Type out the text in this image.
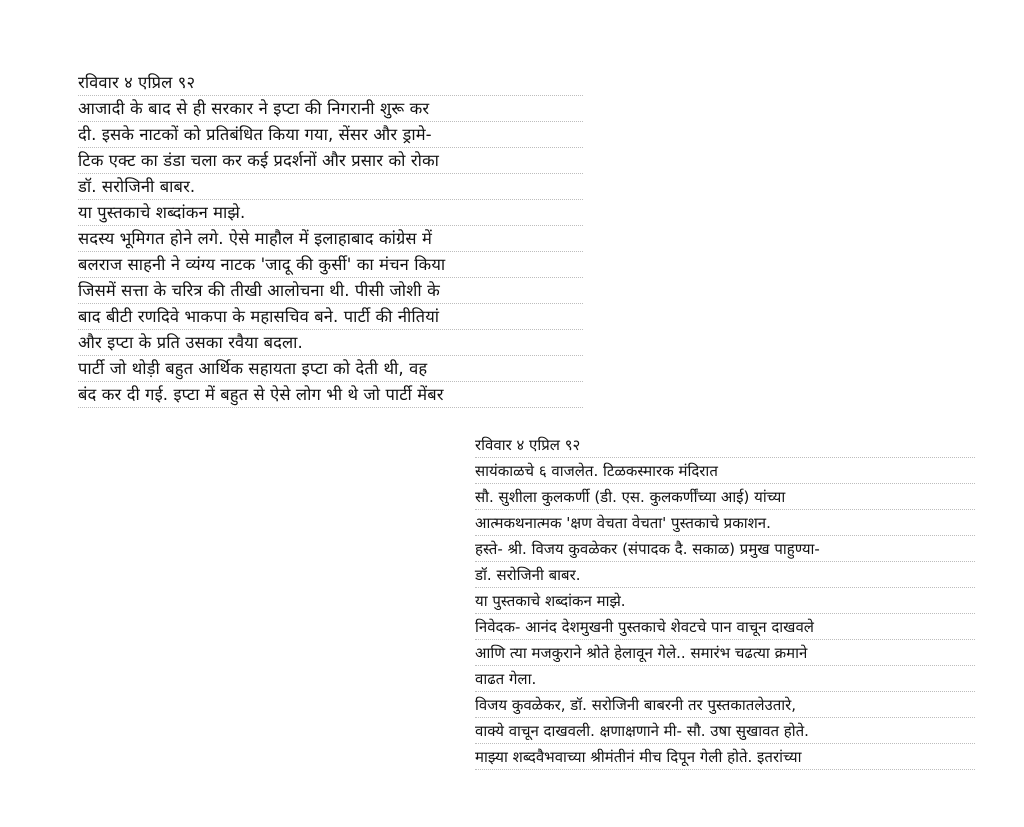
रविवार ४ एप्रिल ९२
आजादी के बाद से ही सरकार ने इप्टा की निगरानी शुरू कर
दी. इसके नाटकों को प्रतिबंधित किया गया, सेंसर और ड्रामे-
टिक एक्ट का डंडा चला कर कई प्रदर्शनों और प्रसार को रोका
डॉ. सरोजिनी बाबर.
या पुस्तकाचे शब्दांकन माझे.
सदस्य भूमिगत होने लगे. ऐसे माहौल में इलाहाबाद कांग्रेस में
बलराज साहनी ने व्यंग्य नाटक 'जादू की कुर्सी' का मंचन किया
जिसमें सत्ता के चरित्र की तीखी आलोचना थी. पीसी जोशी के
बाद बीटी रणदिवे भाकपा के महासचिव बने. पार्टी की नीतियां
और इप्टा के प्रति उसका रवैया बदला.
पार्टी जो थोड़ी बहुत आर्थिक सहायता इप्टा को देती थी, वह
बंद कर दी गई. इप्टा में बहुत से ऐसे लोग भी थे जो पार्टी मेंबर
रविवार ४ एप्रिल ९२
सायंकाळचे ६ वाजलेत. टिळकस्मारक मंदिरात
सौ. सुशीला कुलकर्णी (डी. एस. कुलकर्णींच्या आई) यांच्या
आत्मकथनात्मक 'क्षण वेचता वेचता' पुस्तकाचे प्रकाशन.
हस्ते- श्री. विजय कुवळेकर (संपादक दै. सकाळ) प्रमुख पाहुण्या-
डॉ. सरोजिनी बाबर.
या पुस्तकाचे शब्दांकन माझे.
निवेदक- आनंद देशमुखनी पुस्तकाचे शेवटचे पान वाचून दाखवले
आणि त्या मजकुराने श्रोते हेलावून गेले.. समारंभ चढत्या क्रमाने
वाढत गेला.
विजय कुवळेकर, डॉ. सरोजिनी बाबरनी तर पुस्तकातलेउतारे,
वाक्ये वाचून दाखवली. क्षणाक्षणाने मी- सौ. उषा सुखावत होते.
माझ्या शब्दवैभवाच्या श्रीमंतीनं मीच दिपून गेली होते. इतरांच्या
